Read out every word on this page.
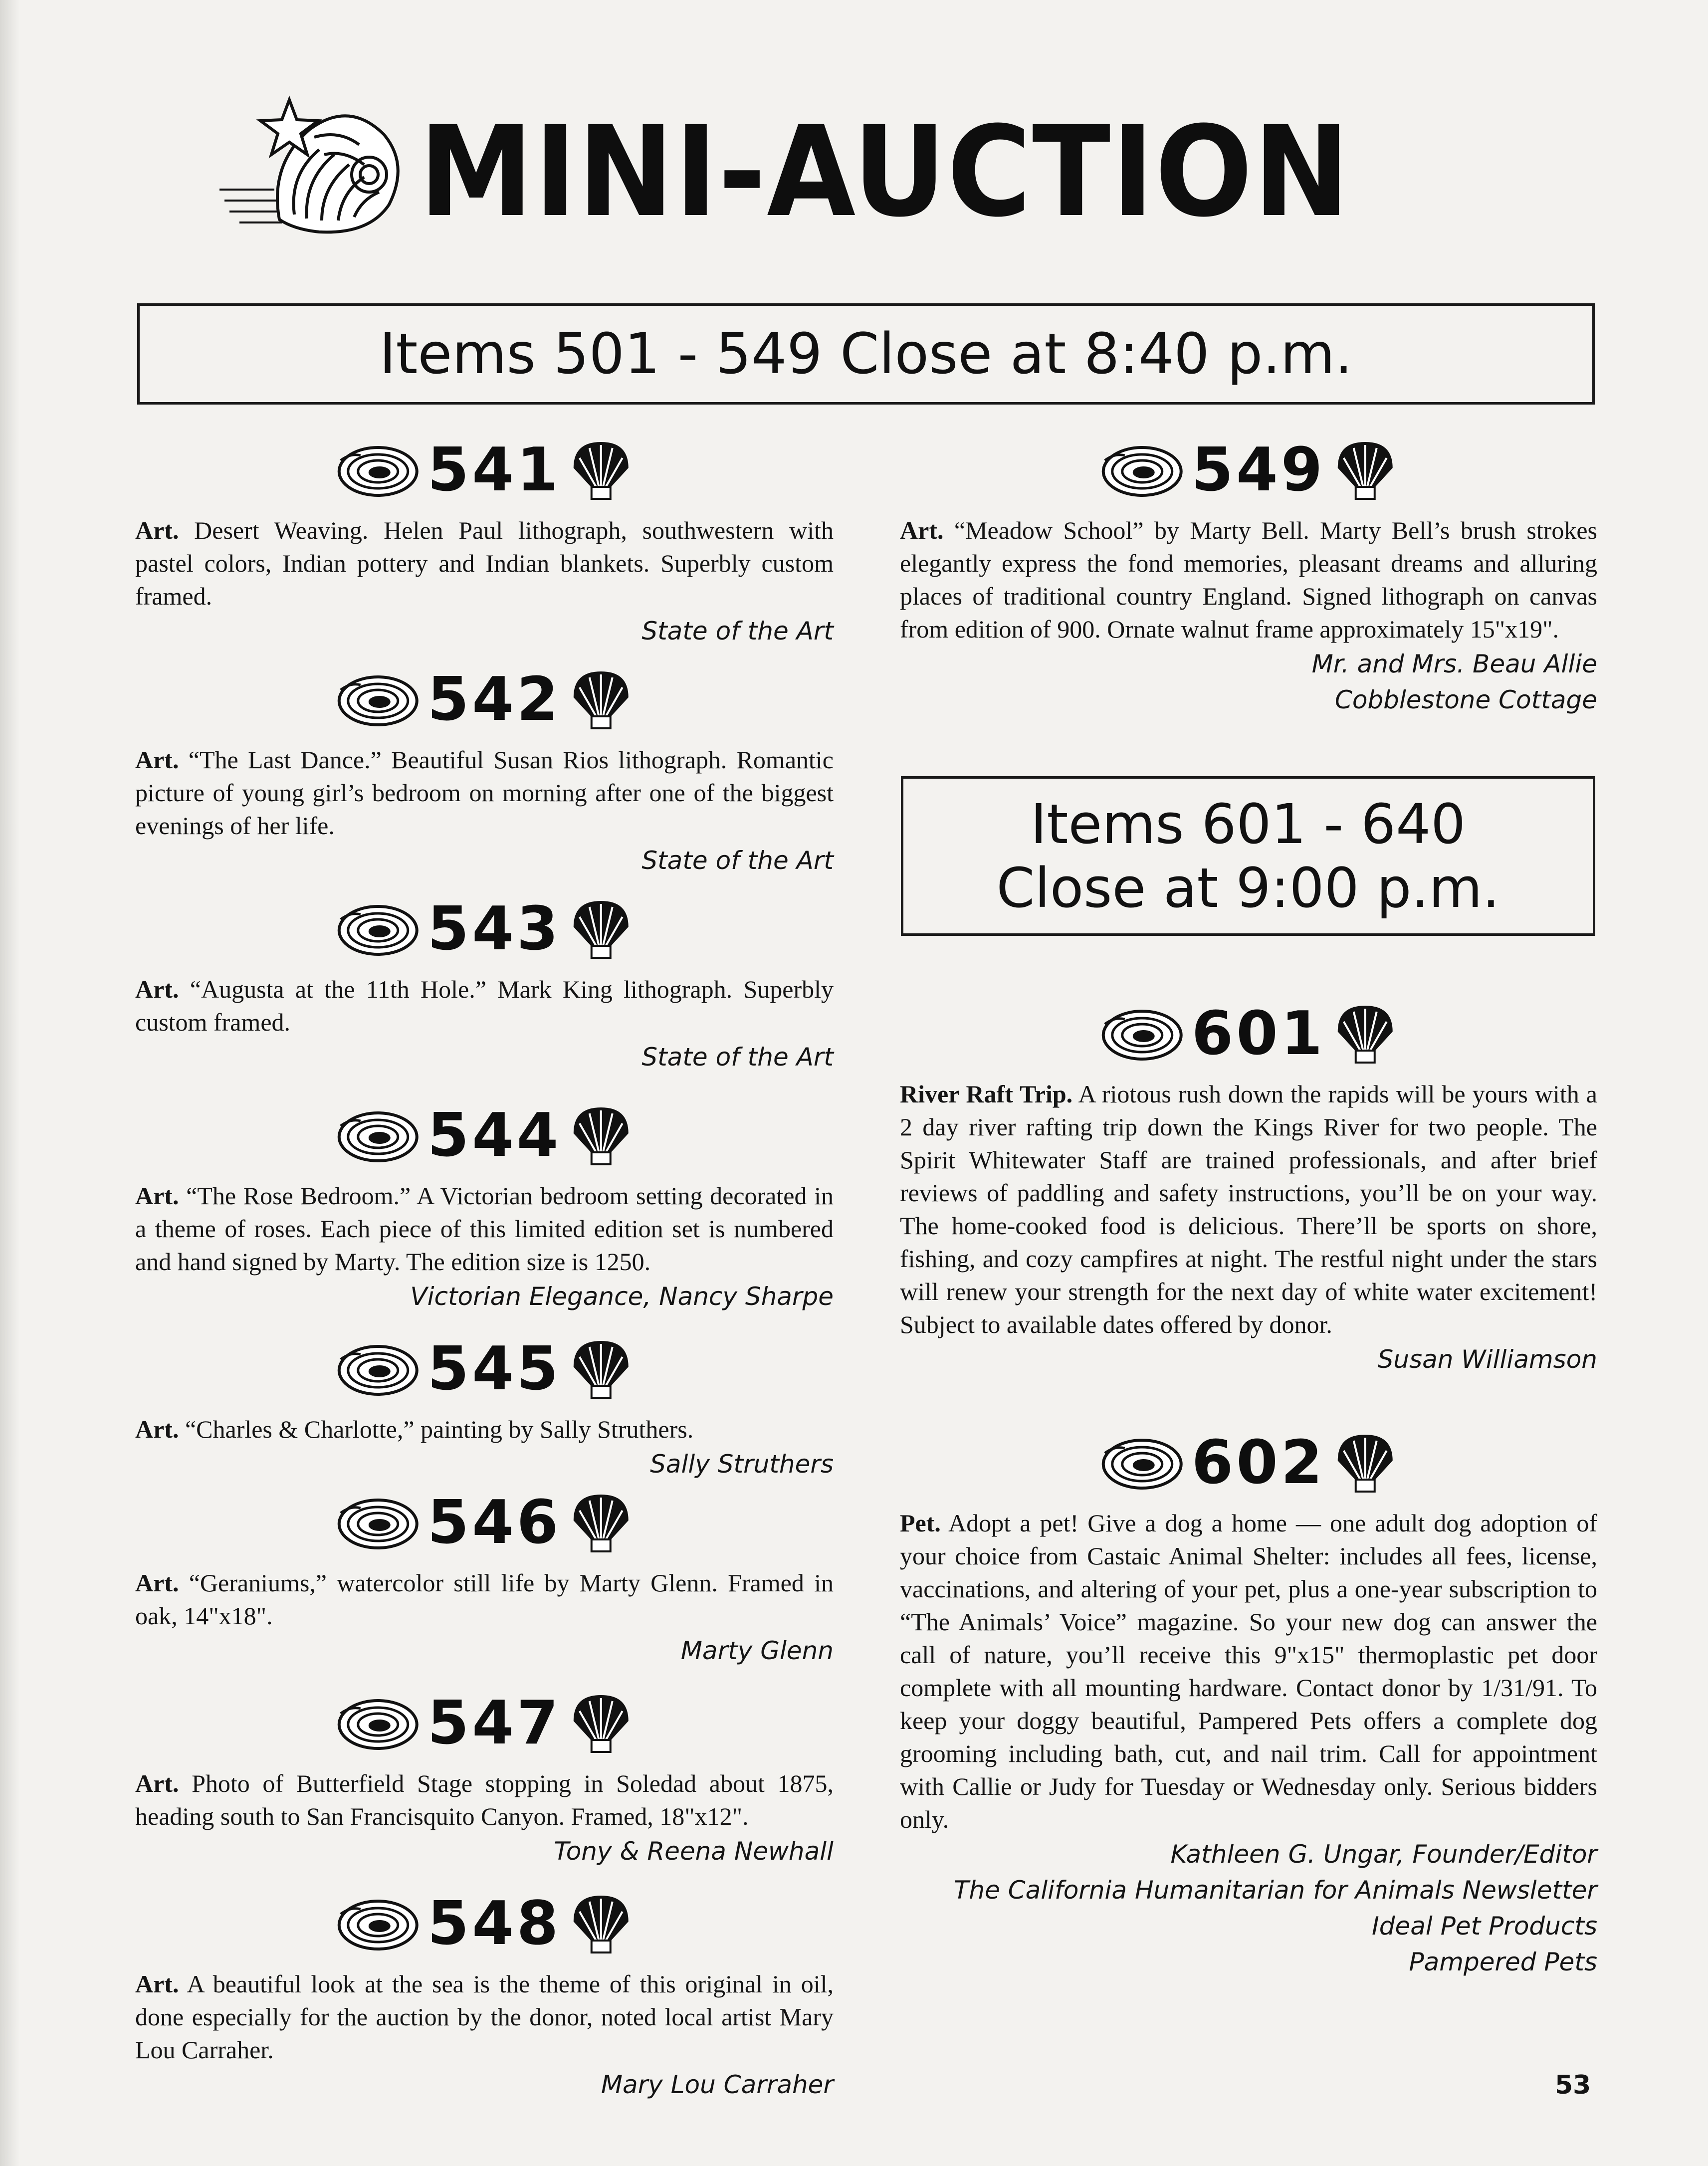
MINI-AUCTION
Items 501 - 549 Close at 8:40 p.m.
541

Art. Desert Weaving. Helen Paul lithograph, southwestern with pastel colors, Indian pottery and Indian blankets. Superbly custom framed.

State of the Art
542

Art. “The Last Dance.” Beautiful Susan Rios lithograph. Romantic picture of young girl’s bedroom on morning after one of the biggest evenings of her life.

State of the Art
543

Art. “Augusta at the 11th Hole.” Mark King lithograph. Superbly custom framed.

State of the Art
544

Art. “The Rose Bedroom.” A Victorian bedroom setting decorated in a theme of roses. Each piece of this limited edition set is numbered and hand signed by Marty. The edition size is 1250.

Victorian Elegance, Nancy Sharpe
545

Art. “Charles & Charlotte,” painting by Sally Struthers.

Sally Struthers
546

Art. “Geraniums,” watercolor still life by Marty Glenn. Framed in oak, 14"x18".

Marty Glenn
547

Art. Photo of Butterfield Stage stopping in Soledad about 1875, heading south to San Francisquito Canyon. Framed, 18"x12".

Tony & Reena Newhall
548

Art. A beautiful look at the sea is the theme of this original in oil, done especially for the auction by the donor, noted local artist Mary Lou Carraher.

Mary Lou Carraher
549

Art. “Meadow School” by Marty Bell. Marty Bell’s brush strokes elegantly express the fond memories, pleasant dreams and alluring places of traditional country England. Signed lithograph on canvas from edition of 900. Ornate walnut frame approximately 15"x19".

Mr. and Mrs. Beau Allie
Cobblestone Cottage
Items 601 - 640
Close at 9:00 p.m.
601

River Raft Trip. A riotous rush down the rapids will be yours with a 2 day river rafting trip down the Kings River for two people. The Spirit Whitewater Staff are trained professionals, and after brief reviews of paddling and safety instructions, you’ll be on your way. The home-cooked food is delicious. There’ll be sports on shore, fishing, and cozy campfires at night. The restful night under the stars will renew your strength for the next day of white water excitement! Subject to available dates offered by donor.

Susan Williamson
602

Pet. Adopt a pet! Give a dog a home — one adult dog adoption of your choice from Castaic Animal Shelter: includes all fees, license, vaccinations, and altering of your pet, plus a one-year subscription to “The Animals’ Voice” magazine. So your new dog can answer the call of nature, you’ll receive this 9"x15" thermoplastic pet door complete with all mounting hardware. Contact donor by 1/31/91. To keep your doggy beautiful, Pampered Pets offers a complete dog grooming including bath, cut, and nail trim. Call for appointment with Callie or Judy for Tuesday or Wednesday only. Serious bidders only.

Kathleen G. Ungar, Founder/Editor
The California Humanitarian for Animals Newsletter
Ideal Pet Products
Pampered Pets
53
